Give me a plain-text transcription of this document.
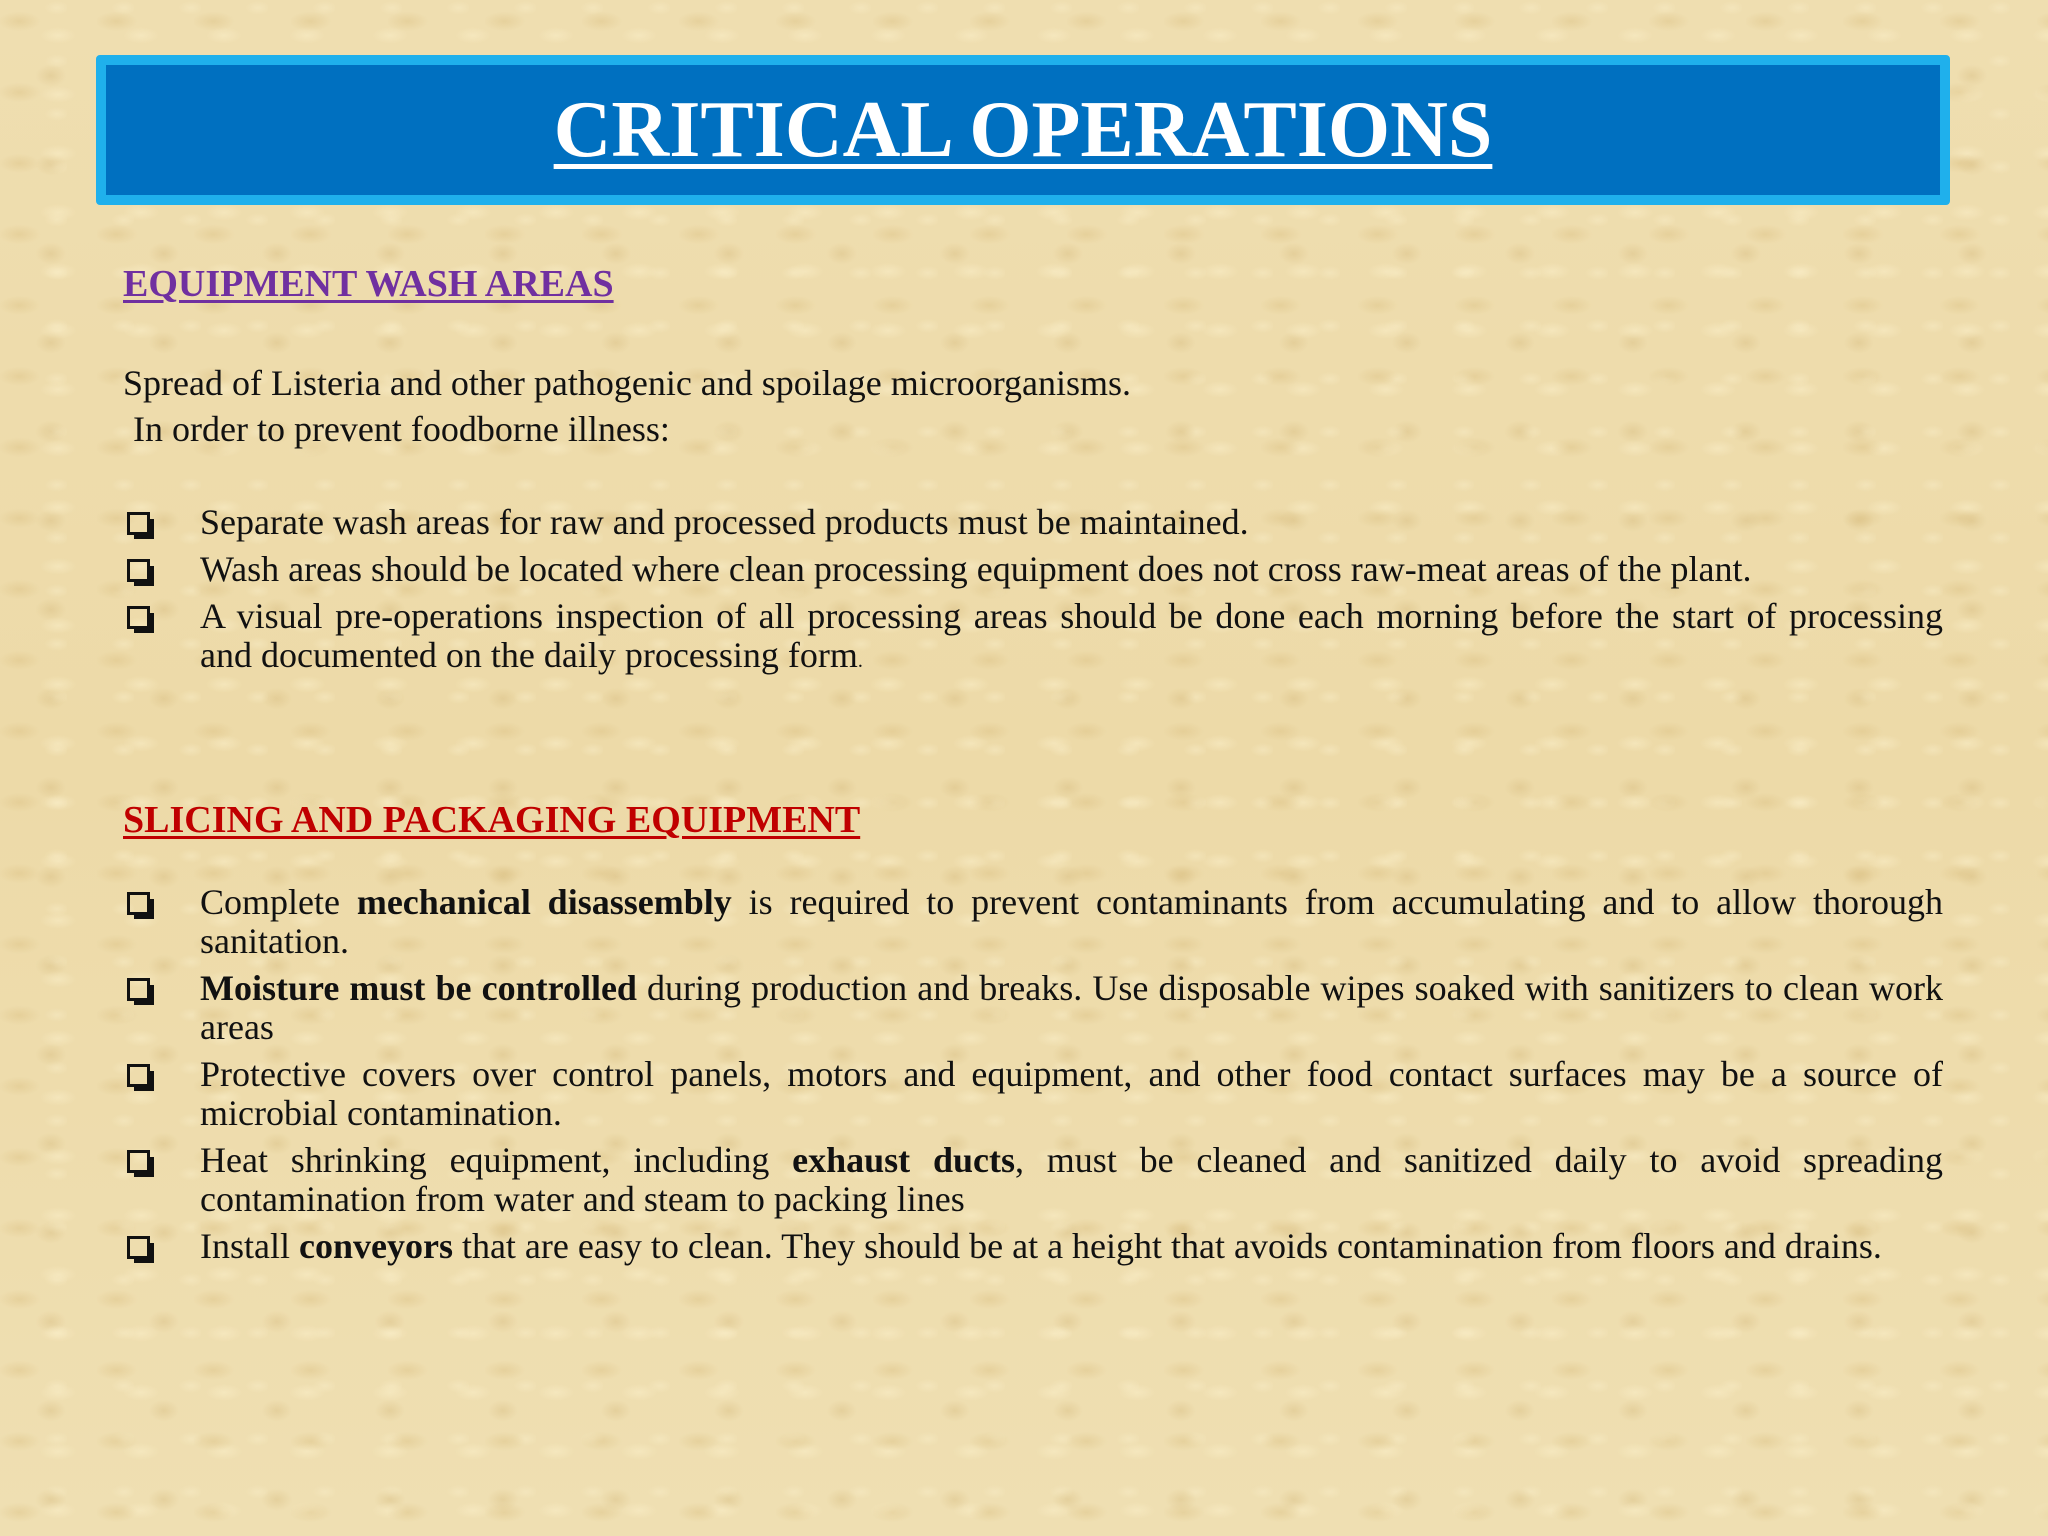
CRITICAL OPERATIONS
EQUIPMENT WASH AREAS
Spread of Listeria and other pathogenic and spoilage microorganisms.
In order to prevent foodborne illness:
Separate wash areas for raw and processed products must be maintained.
Wash areas should be located where clean processing equipment does not cross raw-meat areas of the plant.
A visual pre-operations inspection of all processing areas should be done each morning before the start of processing and documented on the daily processing form.
SLICING AND PACKAGING EQUIPMENT
Complete mechanical disassembly is required to prevent contaminants from accumulating and to allow thorough sanitation.
Moisture must be controlled during production and breaks. Use disposable wipes soaked with sanitizers to clean work areas
Protective covers over control panels, motors and equipment, and other food contact surfaces may be a source of microbial contamination.
Heat shrinking equipment, including exhaust ducts, must be cleaned and sanitized daily to avoid spreading contamination from water and steam to packing lines
Install conveyors that are easy to clean. They should be at a height that avoids contamination from floors and drains.
